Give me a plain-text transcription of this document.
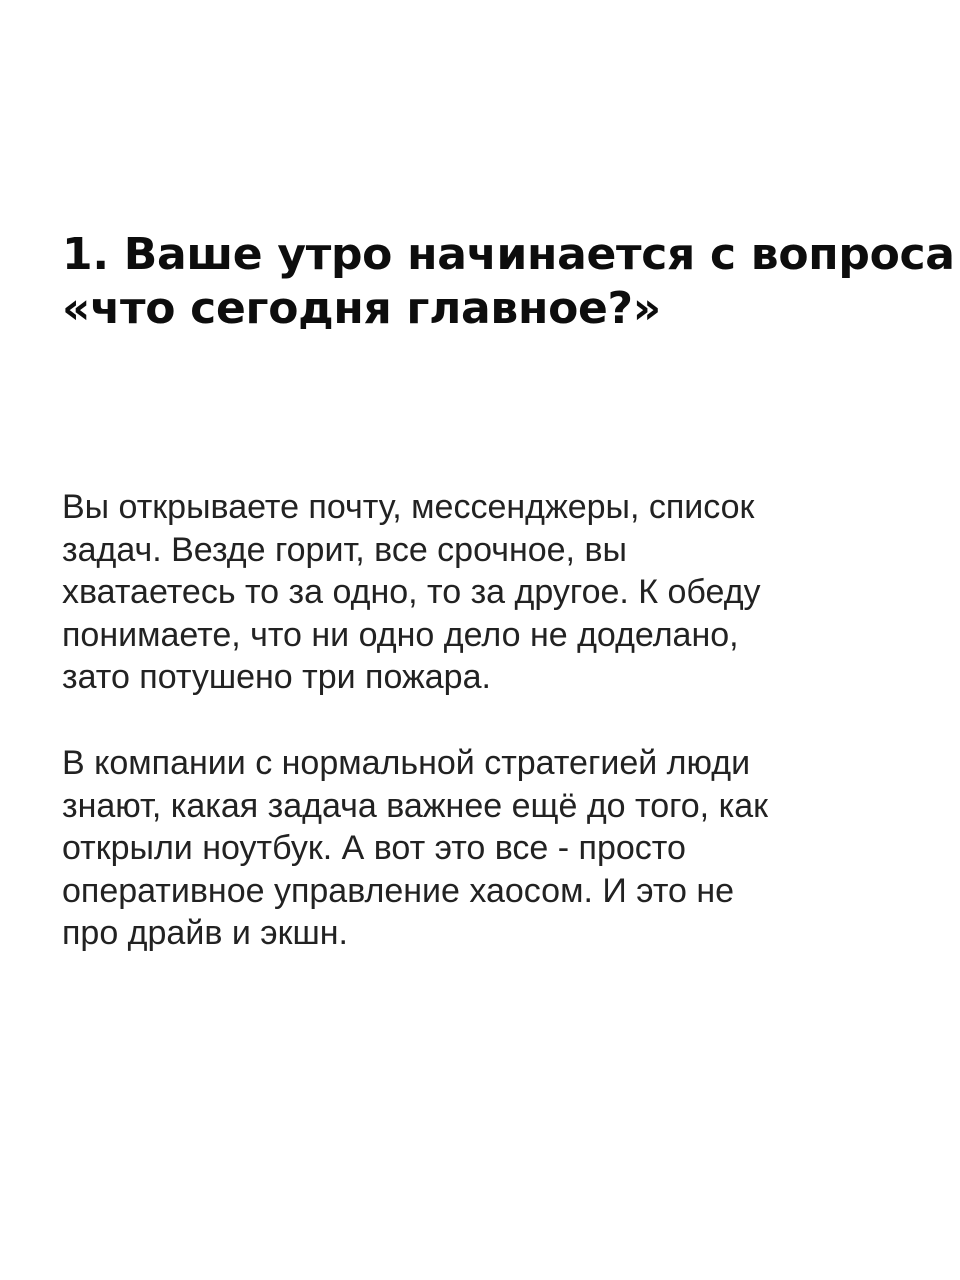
1. Ваше утро начинается с вопроса
«что сегодня главное?»

Вы открываете почту, мессенджеры, список
задач. Везде горит, все срочное, вы
хватаетесь то за одно, то за другое. К обеду
понимаете, что ни одно дело не доделано,
зато потушено три пожара.

В компании с нормальной стратегией люди
знают, какая задача важнее ещё до того, как
открыли ноутбук. А вот это все - просто
оперативное управление хаосом. И это не
про драйв и экшн.
